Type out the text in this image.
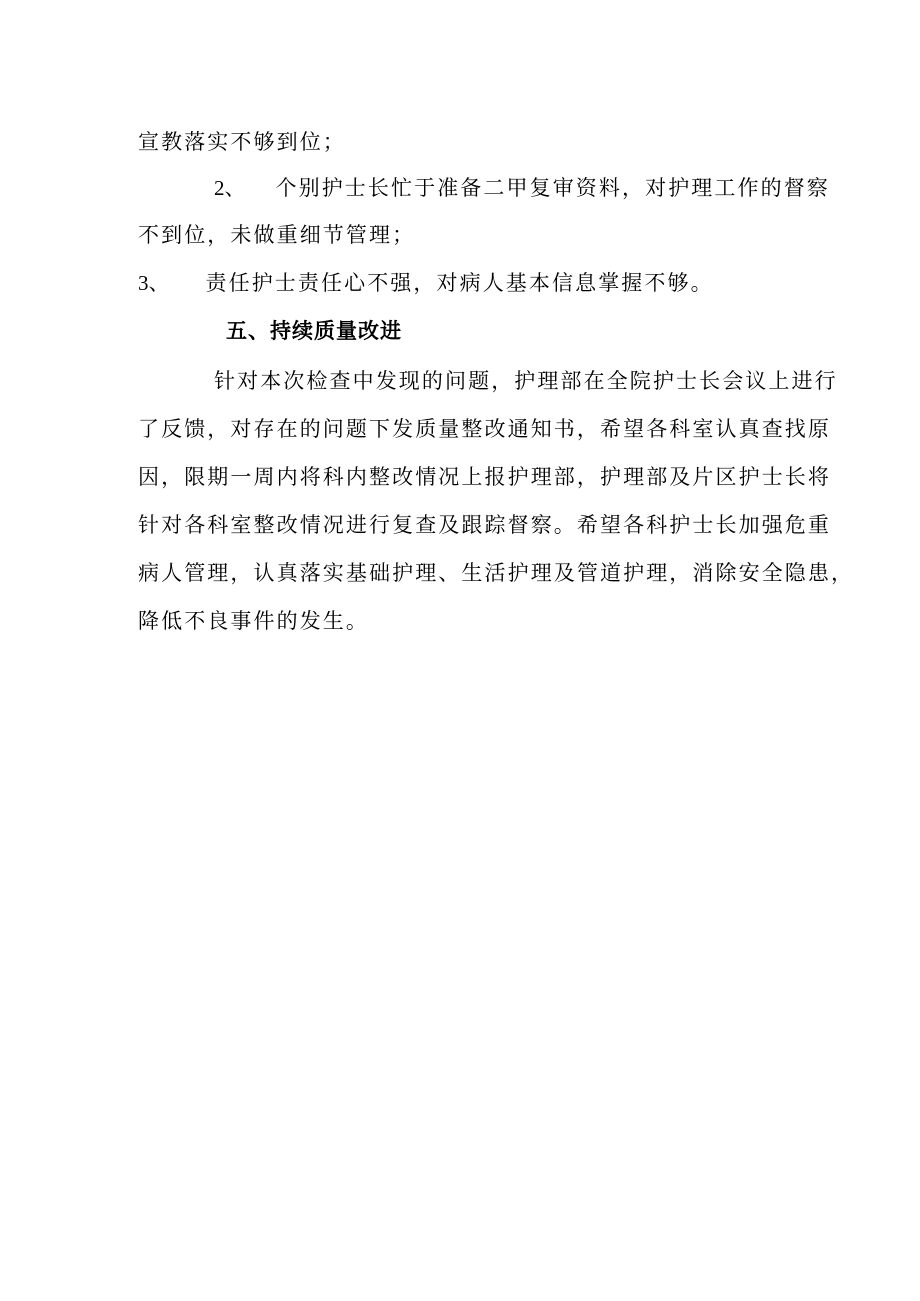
宣教落实不够到位；
2、 个别护士长忙于准备二甲复审资料，对护理工作的督察
不到位，未做重细节管理；
3、 责任护士责任心不强，对病人基本信息掌握不够。
五、持续质量改进
针对本次检查中发现的问题，护理部在全院护士长会议上进行
了反馈，对存在的问题下发质量整改通知书，希望各科室认真查找原
因，限期一周内将科内整改情况上报护理部，护理部及片区护士长将
针对各科室整改情况进行复查及跟踪督察。希望各科护士长加强危重
病人管理，认真落实基础护理、生活护理及管道护理，消除安全隐患，
降低不良事件的发生。
